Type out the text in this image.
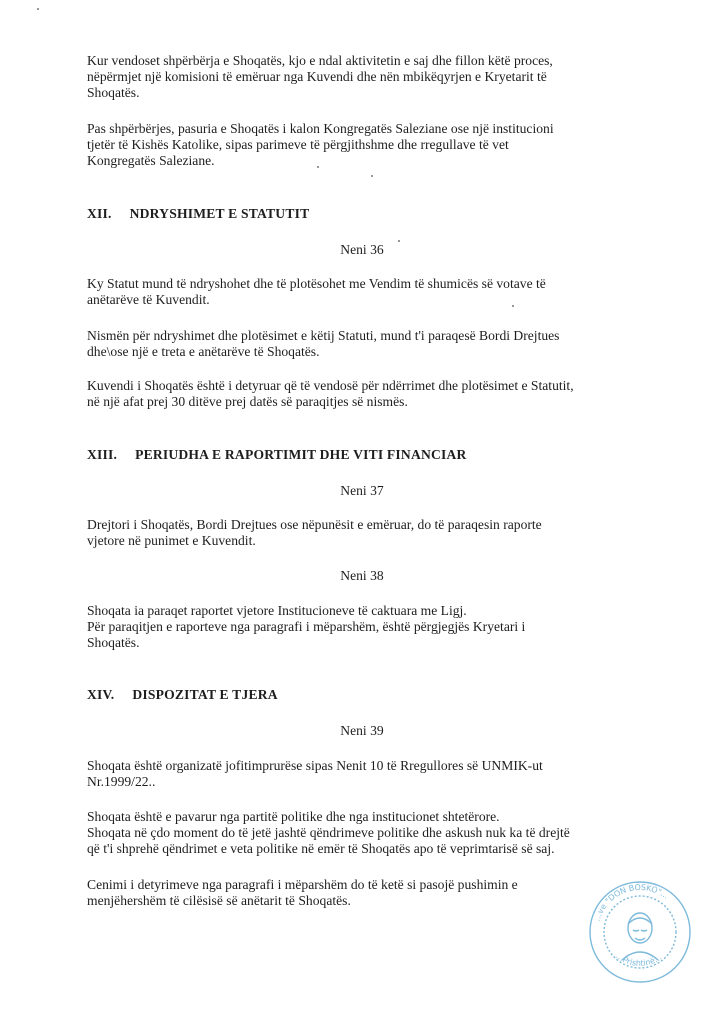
Kur vendoset shpërbërja e Shoqatës, kjo e ndal aktivitetin e saj dhe fillon këtë proces,
nëpërmjet një komisioni të emëruar nga Kuvendi dhe nën mbikëqyrjen e Kryetarit të
Shoqatës.
Pas shpërbërjes, pasuria e Shoqatës i kalon Kongregatës Saleziane ose një institucioni
tjetër të Kishës Katolike, sipas parimeve të përgjithshme dhe rregullave të vet
Kongregatës Saleziane.
XII. NDRYSHIMET E STATUTIT
Neni 36
Ky Statut mund të ndryshohet dhe të plotësohet me Vendim të shumicës së votave të
anëtarëve të Kuvendit.
Nismën për ndryshimet dhe plotësimet e këtij Statuti, mund t'i paraqesë Bordi Drejtues
dhe\ose një e treta e anëtarëve të Shoqatës.
Kuvendi i Shoqatës është i detyruar që të vendosë për ndërrimet dhe plotësimet e Statutit,
në një afat prej 30 ditëve prej datës së paraqitjes së nismës.
XIII. PERIUDHA E RAPORTIMIT DHE VITI FINANCIAR
Neni 37
Drejtori i Shoqatës, Bordi Drejtues ose nëpunësit e emëruar, do të paraqesin raporte
vjetore në punimet e Kuvendit.
Neni 38
Shoqata ia paraqet raportet vjetore Institucioneve të caktuara me Ligj.
Për paraqitjen e raporteve nga paragrafi i mëparshëm, është përgjegjës Kryetari i
Shoqatës.
XIV. DISPOZITAT E TJERA
Neni 39
Shoqata është organizatë jofitimprurëse sipas Nenit 10 të Rregullores së UNMIK-ut
Nr.1999/22..
Shoqata është e pavarur nga partitë politike dhe nga institucionet shtetërore.
Shoqata në çdo moment do të jetë jashtë qëndrimeve politike dhe askush nuk ka të drejtë
që t'i shprehë qëndrimet e veta politike në emër të Shoqatës apo të veprimtarisë së saj.
Cenimi i detyrimeve nga paragrafi i mëparshëm do të ketë si pasojë pushimin e
menjëhershëm të cilësisë së anëtarit të Shoqatës.
...ve "DON BOSKO"...
...Prishtinë...
